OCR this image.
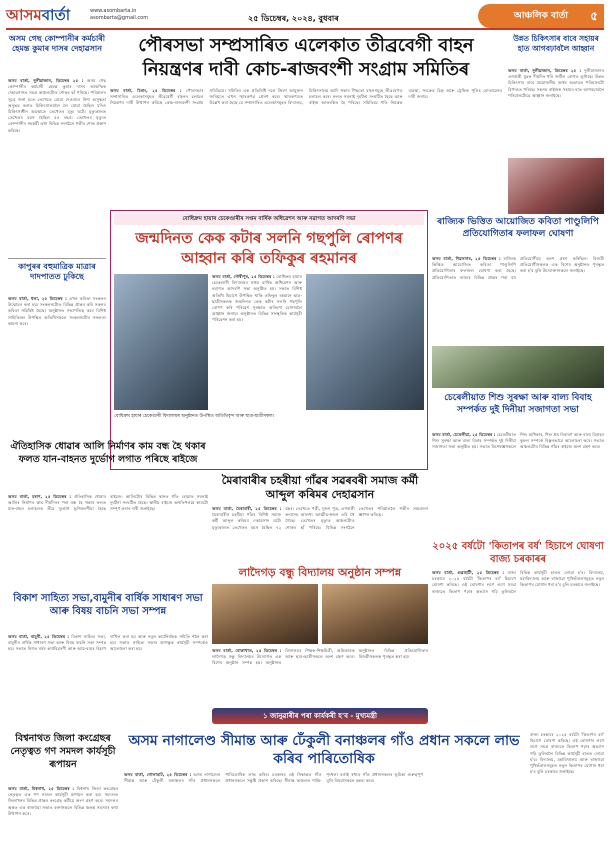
আসমবাৰ্তা	www.asombarta.in
asombarta@gmail.com	২৫ ডিচেম্বৰ, ২০২৪, বুধবাৰ	আঞ্চলিক বাৰ্তা	৫
অসম গেছ কোম্পানীৰ কৰ্মচাৰী হেমন্ত কুমাৰ দাসৰ দেহাৱসান
অসম বাৰ্তা, দুলীয়াজান, ডিচেম্বৰ ২৫ : অসম গেছ কোম্পানীৰ কৰ্মচাৰী হেমন্ত কুমাৰ দাসৰ আকস্মিক দেহাৱসানত সমগ্ৰ অঞ্চলটোত শোকৰ ছাঁ পৰিছে। পৰিয়ালৰ সূত্ৰে জনা মতে তেখেতে যোৱা দেওবাৰে নিশা অসুস্থতা অনুভৱ কৰাত চিকিৎসালয়লৈ লৈ যোৱা হৈছিল যদিও চিকিৎসাধীন অৱস্থাতে তেখেতৰ মৃত্যু ঘটে। মৃত্যুকালত তেখেতৰ বয়স হৈছিল ৫৪ বছৰ। তেখেতৰ মৃত্যুত কোম্পানীৰ সহকৰ্মী তথা বিভিন্ন সংগঠনে গভীৰ শোক প্ৰকাশ কৰিছে।
কাপুৰৰ বহুমাত্ৰিক মাত্ৰাৰ দাদপাতত ঢুকিছে
অসম বাৰ্তা, ধলা, ২৫ ডিচেম্বৰ : এখন কবিতা সংকলন উন্মোচন কৰা হয়। সংকলনটোত বিভিন্ন প্ৰান্তৰ কবি সকলৰ কবিতা সন্নিবিষ্ট হৈছে। অনুষ্ঠানত সভাপতিত্ব কৰে বিশিষ্ট সাহিত্যিক। উপস্থিত অতিথিসকলে সংকলনটোৰ সফলতা কামনা কৰে।
পৌৰসভা সম্প্ৰসাৰিত এলেকাত তীব্ৰবেগী বাহন নিয়ন্ত্ৰণৰ দাবী কোচ-ৰাজবংশী সংগ্ৰাম সমিতিৰ
অসম বাৰ্তা, চিৰাং, ২৫ ডিচেম্বৰ : পৌৰসভাৰ সম্প্ৰসাৰিত এলেকাসমূহত তীব্ৰবেগী বাহনৰ চলাচল নিয়ন্ত্ৰণৰ দাবী উত্থাপন কৰিছে কোচ-ৰাজবংশী সংগ্ৰাম সমিতিয়ে। সমিতিৰ এক প্ৰতিনিধি দলে জিলা আয়ুক্তৰ জৰিয়তে এখন স্মাৰকপত্ৰ প্ৰেৰণ কৰে। স্মাৰকপত্ৰত উল্লেখ কৰা হৈছে যে সম্প্ৰসাৰিত এলেকাসমূহত বিদ্যালয়, চিকিৎসালয় আদি থকাৰ পিছতো বাহনসমূহে তীব্ৰবেগত চলাচল কৰে। ফলত সঘনাই দুৰ্ঘটনা সংঘটিত হৈছে আৰু ৰাইজ আতংকিত হৈ পৰিছে। সমিতিয়ে গতি নিয়ন্ত্ৰক ব্যৱস্থা, সংকেত চিহ্ন আৰু ট্ৰেফিক পুলিচ মোতায়েনৰ দাবী জনায়।
উন্নত চিকিৎসাৰ বাবে সহায়ৰ হাত আগবঢ়াবলৈ আহ্বান
অসম বাৰ্তা, দুলীয়াজান, ডিচেম্বৰ ২৫ : দুলীয়াজানৰ এগৰাকী যুৱক দীৰ্ঘদিন ধৰি জটিল ৰোগত ভুগিছে। উন্নত চিকিৎসাৰ বাবে প্ৰয়োজনীয় অৰ্থৰ অভাৱত পৰিয়ালটো বিপাঙত পৰিছে। সহৃদয় ৰাইজক সহায়ৰ হাত আগবঢ়াবলৈ পৰিয়ালটোৱে আহ্বান জনাইছে।
বোধিদ্ৰুম হায়াৰ চেকেণ্ডাৰীৰ সপ্তম বাৰ্ষিক অধিৱেশন আৰু নৱাগত আদৰণি সভা
জন্মদিনত কেক কটাৰ সলনি গছপুলি ৰোপণৰ আহ্বান কৰি তফিকুৰ ৰহমানৰ
অসম বাৰ্তা, গৌৰীপুৰ, ২৫ ডিচেম্বৰ : বোধিদ্ৰুম হায়াৰ চেকেণ্ডাৰী বিদ্যালয়ৰ সপ্তম বাৰ্ষিক অধিৱেশন আৰু নৱাগত আদৰণি সভা অনুষ্ঠিত হয়। সভাত বিশিষ্ট অতিথি হিচাপে উপস্থিত থাকি তফিকুৰ ৰহমানে ছাত্ৰ-ছাত্ৰীসকলক জন্মদিনত কেক কটাৰ সলনি গছপুলি ৰোপণ কৰি পৰিৱেশ সুৰক্ষাত অৰিহণা যোগাবলৈ আহ্বান জনায়। অনুষ্ঠানত বিভিন্ন সাংস্কৃতিক কাৰ্যসূচী পৰিৱেশন কৰা হয়।
বোধিদ্ৰুম হায়াৰ চেকেণ্ডাৰী বিদ্যালয়ৰ অনুষ্ঠানত উপস্থিত অতিথিবৃন্দ আৰু ছাত্ৰ-ছাত্ৰীসকল।
ৰাজ্যিক ভিত্তিত আয়োজিত কবিতা পাণ্ডুলিপি প্ৰতিযোগিতাৰ ফলাফল ঘোষণা
অসম বাৰ্তা, শিৱসাগৰ, ২৫ ডিচেম্বৰ : ৰাজ্যিক ভিত্তিত আয়োজিত কবিতা পাণ্ডুলিপি প্ৰতিযোগিতাৰ ফলাফল ঘোষণা কৰা হৈছে। প্ৰতিযোগিতাত ৰাজ্যৰ বিভিন্ন প্ৰান্তৰ পৰা বহু প্ৰতিযোগীয়ে অংশ গ্ৰহণ কৰিছিল। বিজয়ী প্ৰতিযোগীসকলক এক বিশেষ অনুষ্ঠানত পুৰস্কৃত কৰা হ'ব বুলি উদ্যোক্তাসকলে জনাইছে।
চেৰেলীয়াত শিশু সুৰক্ষা আৰু বাল্য বিবাহ সম্পৰ্কত দুই দিনীয়া সজাগতা সভা
অসম বাৰ্তা, চেৰেলীয়া, ২৫ ডিচেম্বৰ : চেৰেলীয়াত শিশু সুৰক্ষা আৰু বাল্য বিবাহ সম্পৰ্কত দুই দিনীয়া সজাগতা সভা অনুষ্ঠিত হয়। সভাত বিশেষজ্ঞসকলে শিশু অধিকাৰ, শিশু শ্ৰম নিবাৰণ আৰু বাল্য বিবাহৰ কুফল সম্পৰ্কে বিস্তৃতভাৱে আলোচনা কৰে। সভাত অঞ্চলটোৰ বিভিন্ন গাঁৱৰ ৰাইজে অংশ গ্ৰহণ কৰে।
ঐতিহাসিক ধোৱাৰ আলি নিৰ্মাণৰ কাম বন্ধ হৈ থকাৰ ফলত যান-বাহনত দুৰ্ভোগ লগাত পৰিছে ৰাইজে
অসম বাৰ্তা, মৰাণ, ২৫ ডিচেম্বৰ : ঐতিহাসিক ধোৱাৰ আলিৰ নিৰ্মাণৰ কাম দীৰ্ঘদিনৰ পৰা বন্ধ হৈ থকাৰ ফলত যান-বাহন চলাচলত তীব্ৰ দুৰ্ভোগ ভুগিবলগীয়া হৈছে ৰাইজে। আলিটোৰ বিভিন্ন স্থানত গাঁত হোৱাত সঘনাই দুৰ্ঘটনা সংঘটিত হৈছে। স্থানীয় ৰাইজে অনতিপলমে কামটো সম্পূৰ্ণ কৰাৰ দাবী জনাইছে।
মৈৰাবাৰীৰ চহৰীয়া গাঁৱৰ সৱৰবৰী সমাজ কৰ্মী আব্দুল কৰিমৰ দেহাৱসান
অসম বাৰ্তা, মৈৰাবাৰী, ২৫ ডিচেম্বৰ : মৈৰাবাৰীৰ চহৰীয়া গাঁৱৰ বিশিষ্ট সমাজ কৰ্মী আব্দুল কৰিমৰ দেহাৱসান ঘটে। মৃত্যুকালত তেখেতৰ বয়স হৈছিল ৭২ বছৰ। তেখেতে পত্নী, দুজন পুত্ৰ, এগৰাকী কন্যাসহ অসংখ্য আত্মীয়-স্বজন এৰি থৈ গৈছে। তেখেতৰ মৃত্যুত অঞ্চলটোত শোকৰ ছাঁ পৰিছে। বিভিন্ন সংগঠনে তেখেতৰ পৰিয়াললৈ গভীৰ সমবেদনা জ্ঞাপন কৰিছে।
লাদৈগড় বন্ধু বিদ্যালয় অনুষ্ঠান সম্পন্ন
অসম বাৰ্তা, বোকাখাত, ২৫ ডিচেম্বৰ : লাদৈগড় বন্ধু বিদ্যালয়ৰ উদ্যোগত এক বিশেষ অনুষ্ঠান সম্পন্ন হয়। অনুষ্ঠানত বিদ্যালয়ৰ শিক্ষক-শিক্ষয়িত্ৰী, অভিভাৱক আৰু ছাত্ৰ-ছাত্ৰীসকলে অংশ গ্ৰহণ কৰে। অনুষ্ঠানত বিভিন্ন প্ৰতিযোগিতাৰ বিজয়ীসকলক পুৰস্কৃত কৰা হয়।
বিকাশ সাহিত্য সভা,বামুনীৰ বাৰ্ষিক সাধাৰণ সভা আৰু বিষয় বাচনি সভা সম্পন্ন
অসম বাৰ্তা, বামুনী, ২৫ ডিচেম্বৰ : বিকাশ সাহিত্য সভা, বামুনীৰ বাৰ্ষিক সাধাৰণ সভা আৰু বিষয় বাচনি সভা সম্পন্ন হয়। সভাত বিগত বৰ্ষৰ কাৰ্যবিৱৰণী আৰু আয়-ব্যয়ৰ হিচাপ দাখিল কৰা হয় আৰু নতুন কাৰ্যনিৰ্বাহক সমিতি গঠন কৰা হয়। সভাত সাহিত্য সভাৰ আগন্তুক কাৰ্যসূচী সম্পৰ্কেও আলোচনা কৰা হয়।
২০২৫ বৰ্ষটো 'কিতাপৰ বৰ্ষ' হিচাপে ঘোষণা বাজ্য চৰকাৰৰ
অসম বাৰ্তা, গুৱাহাটী, ২৫ ডিচেম্বৰ : ৰাজ্য চৰকাৰে ২০২৫ বৰ্ষটো 'কিতাপৰ বৰ্ষ' হিচাপে ঘোষণা কৰিছে। এই ঘোষণাৰ লগে লগে সমগ্ৰ ৰাজ্যতে কিতাপ পঢ়াৰ অভ্যাস গঢ়ি তুলিবলৈ বিভিন্ন কাৰ্যসূচী হাতত লোৱা হ'ব। বিদ্যালয়, মহাবিদ্যালয় আৰু ৰাজহুৱা পুথিভঁৰালসমূহত নতুন কিতাপৰ যোগান ধৰা হ'ব বুলি চৰকাৰে জনাইছে।
১ জানুৱাৰীৰ পৰা কাৰ্যকৰী হ'ব - মুখ্যমন্ত্ৰী
বিশ্বনাথত জিলা কংগ্ৰেছৰ নেতৃত্বত গণ সমদল কাৰ্যসূচী ৰূপায়ন
অসম বাৰ্তা, বিশ্বনাথ, ২৫ ডিচেম্বৰ : বিশ্বনাথ জিলা কংগ্ৰেছৰ নেতৃত্বত এক গণ সমদল কাৰ্যসূচী ৰূপায়ন কৰা হয়। সমদলত জিলাখনৰ বিভিন্ন প্ৰান্তৰ কংগ্ৰেছ কৰ্মীয়ে অংশ গ্ৰহণ কৰে। সমদলৰ অন্তত এক ৰাজহুৱা সভাত বক্তাসকলে বিভিন্ন জ্বলন্ত সমস্যাৰ কথা উত্থাপন কৰে।
অসম নাগালেণ্ড সীমান্ত আৰু ঢেঁকুলী বনাঞ্চলৰ গাঁও প্ৰধান সকলে লাভ কৰিব পাৰিতোষিক
অসম বাৰ্তা, গোলাঘাট, ২৫ ডিচেম্বৰ : অসম নাগালেণ্ড সীমান্ত আৰু ঢেঁকুলী বনাঞ্চলৰ গাঁও প্ৰধানসকলে পাৰিতোষিক লাভ কৰিব। চৰকাৰৰ এই সিদ্ধান্তত গাঁও প্ৰধানসকলে সন্তুষ্টি প্ৰকাশ কৰিছে। সীমান্ত অঞ্চলত শান্তি-শৃংখলা বৰ্তাই ৰখাত গাঁও প্ৰধানসকলৰ ভূমিকা গুৰুত্বপূৰ্ণ বুলি বিষয়াসকলে মন্তব্য কৰে।
ৰাজ্য চৰকাৰে ২০২৫ বৰ্ষটো 'কিতাপৰ বৰ্ষ' হিচাপে ঘোষণা কৰিছে। এই ঘোষণাৰ লগে লগে সমগ্ৰ ৰাজ্যতে কিতাপ পঢ়াৰ অভ্যাস গঢ়ি তুলিবলৈ বিভিন্ন কাৰ্যসূচী হাতত লোৱা হ'ব। বিদ্যালয়, মহাবিদ্যালয় আৰু ৰাজহুৱা পুথিভঁৰালসমূহত নতুন কিতাপৰ যোগান ধৰা হ'ব বুলি চৰকাৰে জনাইছে।
